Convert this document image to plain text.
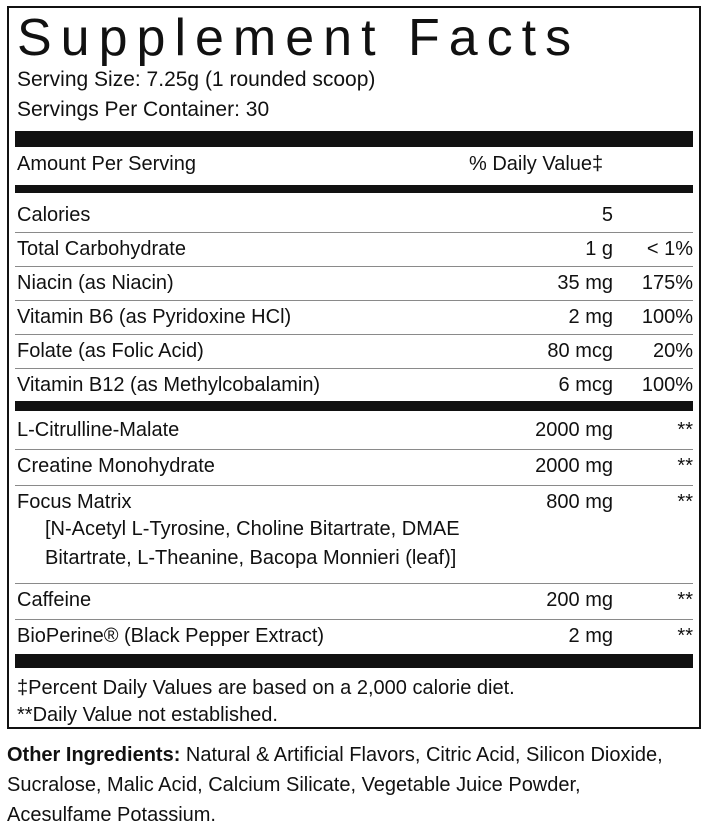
Supplement Facts
Serving Size: 7.25g (1 rounded scoop)
Servings Per Container: 30
Amount Per Serving	% Daily Value‡
Calories	5
Total Carbohydrate	1 g < 1%
Niacin (as Niacin)	35 mg 175%
Vitamin B6 (as Pyridoxine HCl)	2 mg 100%
Folate (as Folic Acid)	80 mcg 20%
Vitamin B12 (as Methylcobalamin)	6 mcg 100%
L-Citrulline-Malate	2000 mg	**
Creatine Monohydrate	2000 mg	**
Focus Matrix	800 mg	**
[N-Acetyl L-Tyrosine, Choline Bitartrate, DMAE Bitartrate, L-Theanine, Bacopa Monnieri (leaf)]
Caffeine	200 mg	**
BioPerine® (Black Pepper Extract)	2 mg	**
‡Percent Daily Values are based on a 2,000 calorie diet.
**Daily Value not established.
Other Ingredients: Natural & Artificial Flavors, Citric Acid, Silicon Dioxide, Sucralose, Malic Acid, Calcium Silicate, Vegetable Juice Powder, Acesulfame Potassium.
